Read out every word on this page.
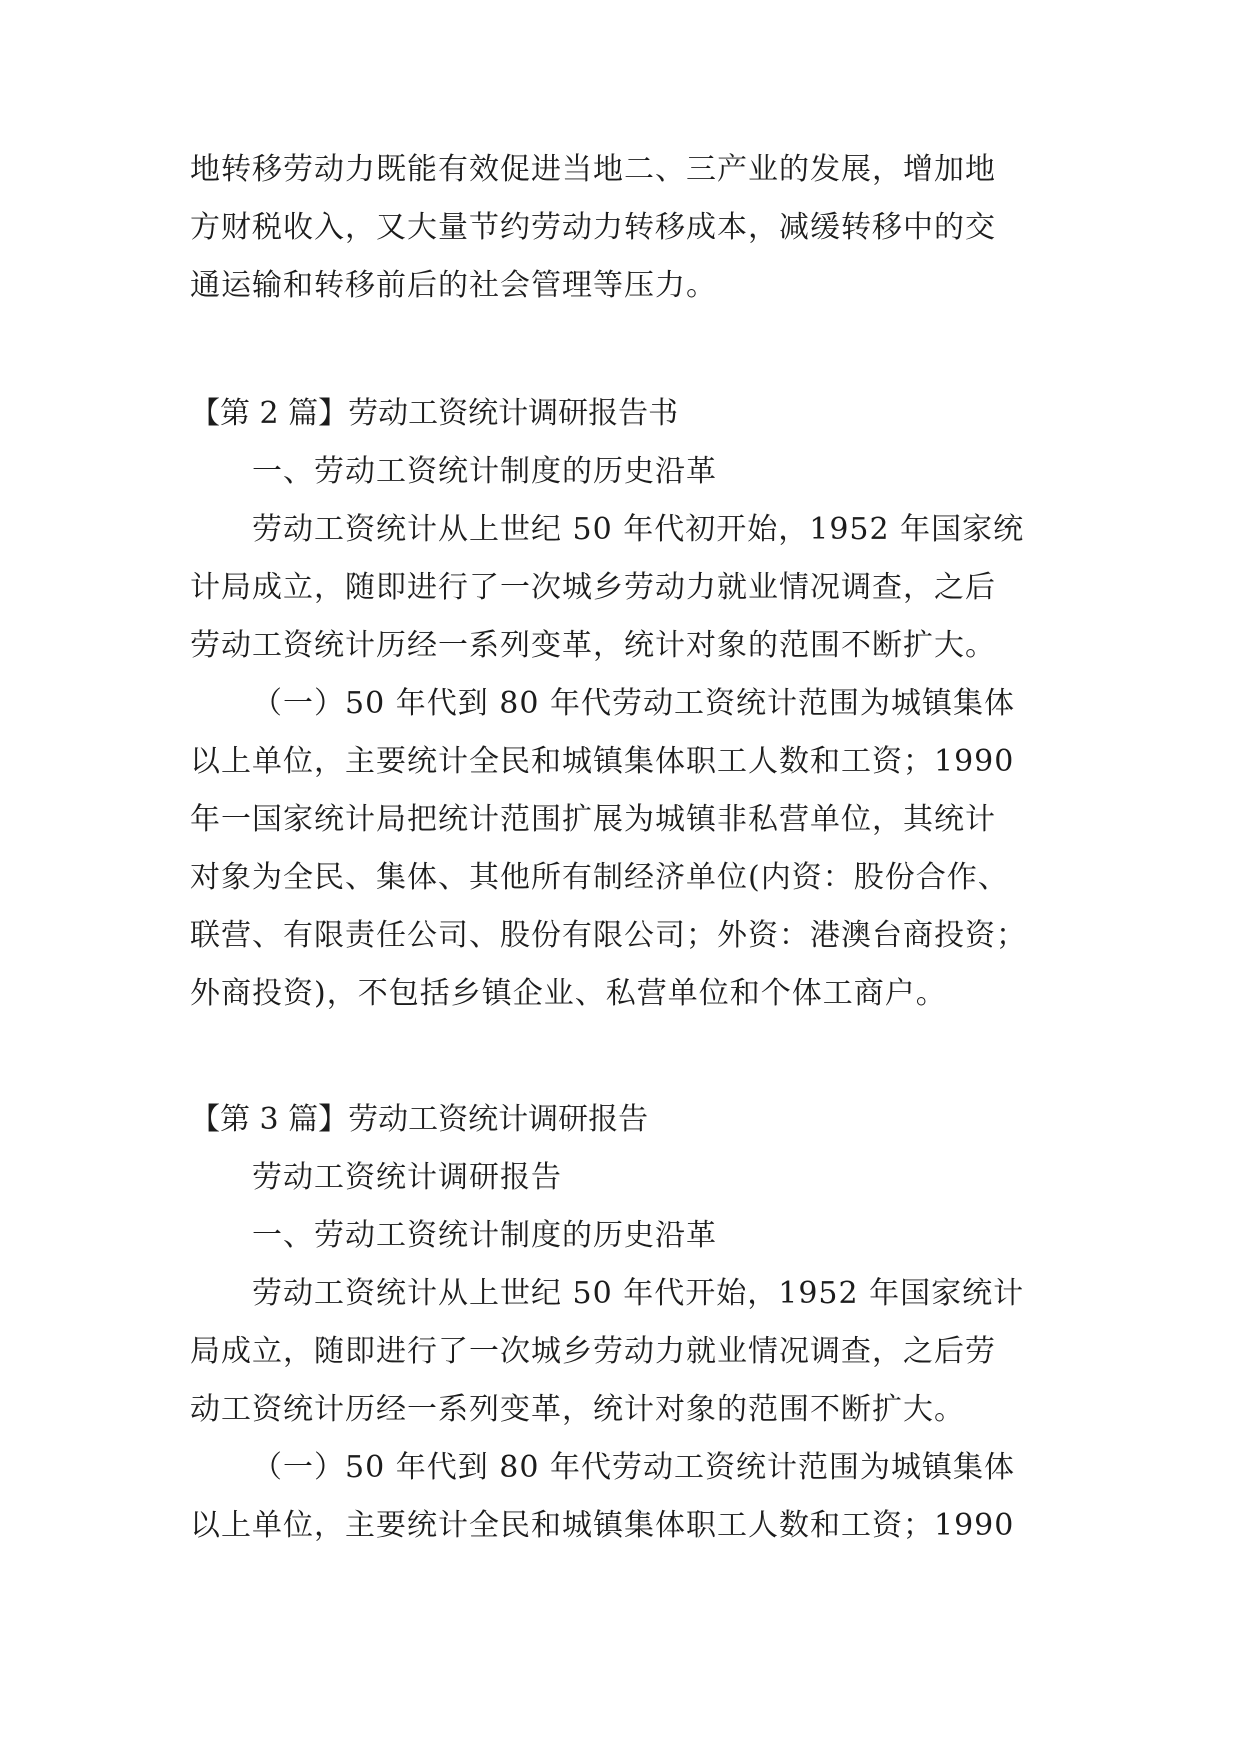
地转移劳动力既能有效促进当地二、三产业的发展，增加地
方财税收入，又大量节约劳动力转移成本，减缓转移中的交
通运输和转移前后的社会管理等压力。
【第 2 篇】劳动工资统计调研报告书
一、劳动工资统计制度的历史沿革
劳动工资统计从上世纪 50 年代初开始，1952 年国家统
计局成立，随即进行了一次城乡劳动力就业情况调查，之后
劳动工资统计历经一系列变革，统计对象的范围不断扩大。
（一）50 年代到 80 年代劳动工资统计范围为城镇集体
以上单位，主要统计全民和城镇集体职工人数和工资；1990
年一国家统计局把统计范围扩展为城镇非私营单位，其统计
对象为全民、集体、其他所有制经济单位(内资：股份合作、
联营、有限责任公司、股份有限公司；外资：港澳台商投资；
外商投资)，不包括乡镇企业、私营单位和个体工商户。
【第 3 篇】劳动工资统计调研报告
劳动工资统计调研报告
一、劳动工资统计制度的历史沿革
劳动工资统计从上世纪 50 年代开始，1952 年国家统计
局成立，随即进行了一次城乡劳动力就业情况调查，之后劳
动工资统计历经一系列变革，统计对象的范围不断扩大。
（一）50 年代到 80 年代劳动工资统计范围为城镇集体
以上单位，主要统计全民和城镇集体职工人数和工资；1990
